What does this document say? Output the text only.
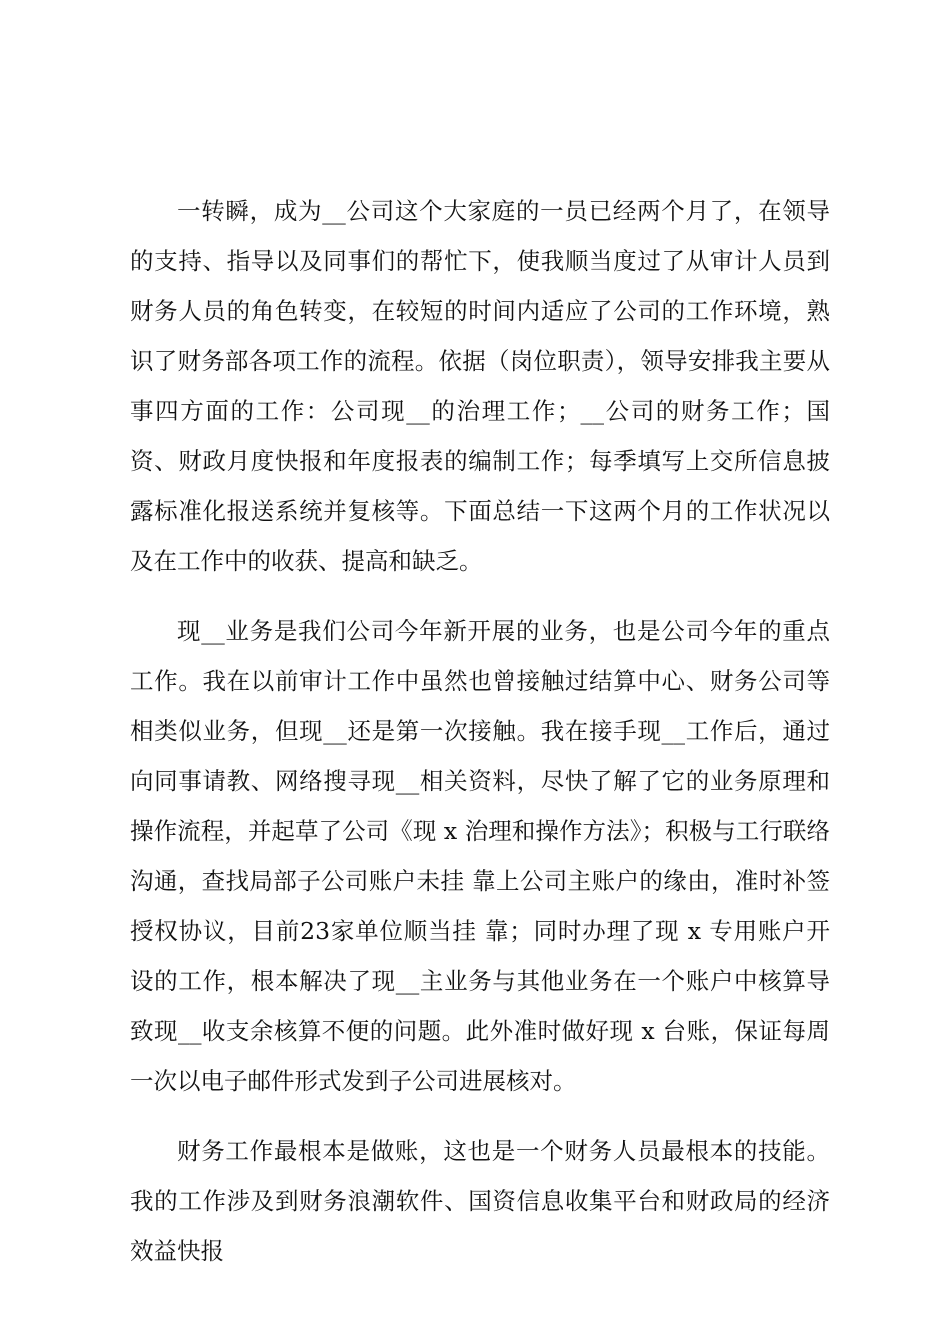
一转瞬，成为__公司这个大家庭的一员已经两个月了，在领导的支持、指导以及同事们的帮忙下，使我顺当度过了从审计人员到财务人员的角色转变，在较短的时间内适应了公司的工作环境，熟识了财务部各项工作的流程。依据（岗位职责），领导安排我主要从事四方面的工作：公司现__的治理工作；__公司的财务工作；国资、财政月度快报和年度报表的编制工作；每季填写上交所信息披露标准化报送系统并复核等。下面总结一下这两个月的工作状况以及在工作中的收获、提高和缺乏。

现__业务是我们公司今年新开展的业务，也是公司今年的重点工作。我在以前审计工作中虽然也曾接触过结算中心、财务公司等相类似业务，但现__还是第一次接触。我在接手现__工作后，通过向同事请教、网络搜寻现__相关资料，尽快了解了它的业务原理和操作流程，并起草了公司《现 x 治理和操作方法》；积极与工行联络沟通，查找局部子公司账户未挂 靠上公司主账户的缘由，准时补签授权协议，目前23家单位顺当挂 靠；同时办理了现 x 专用账户开设的工作，根本解决了现__主业务与其他业务在一个账户中核算导致现__收支余核算不便的问题。此外准时做好现 x 台账，保证每周一次以电子邮件形式发到子公司进展核对。

财务工作最根本是做账，这也是一个财务人员最根本的技能。我的工作涉及到财务浪潮软件、国资信息收集平台和财政局的经济效益快报
